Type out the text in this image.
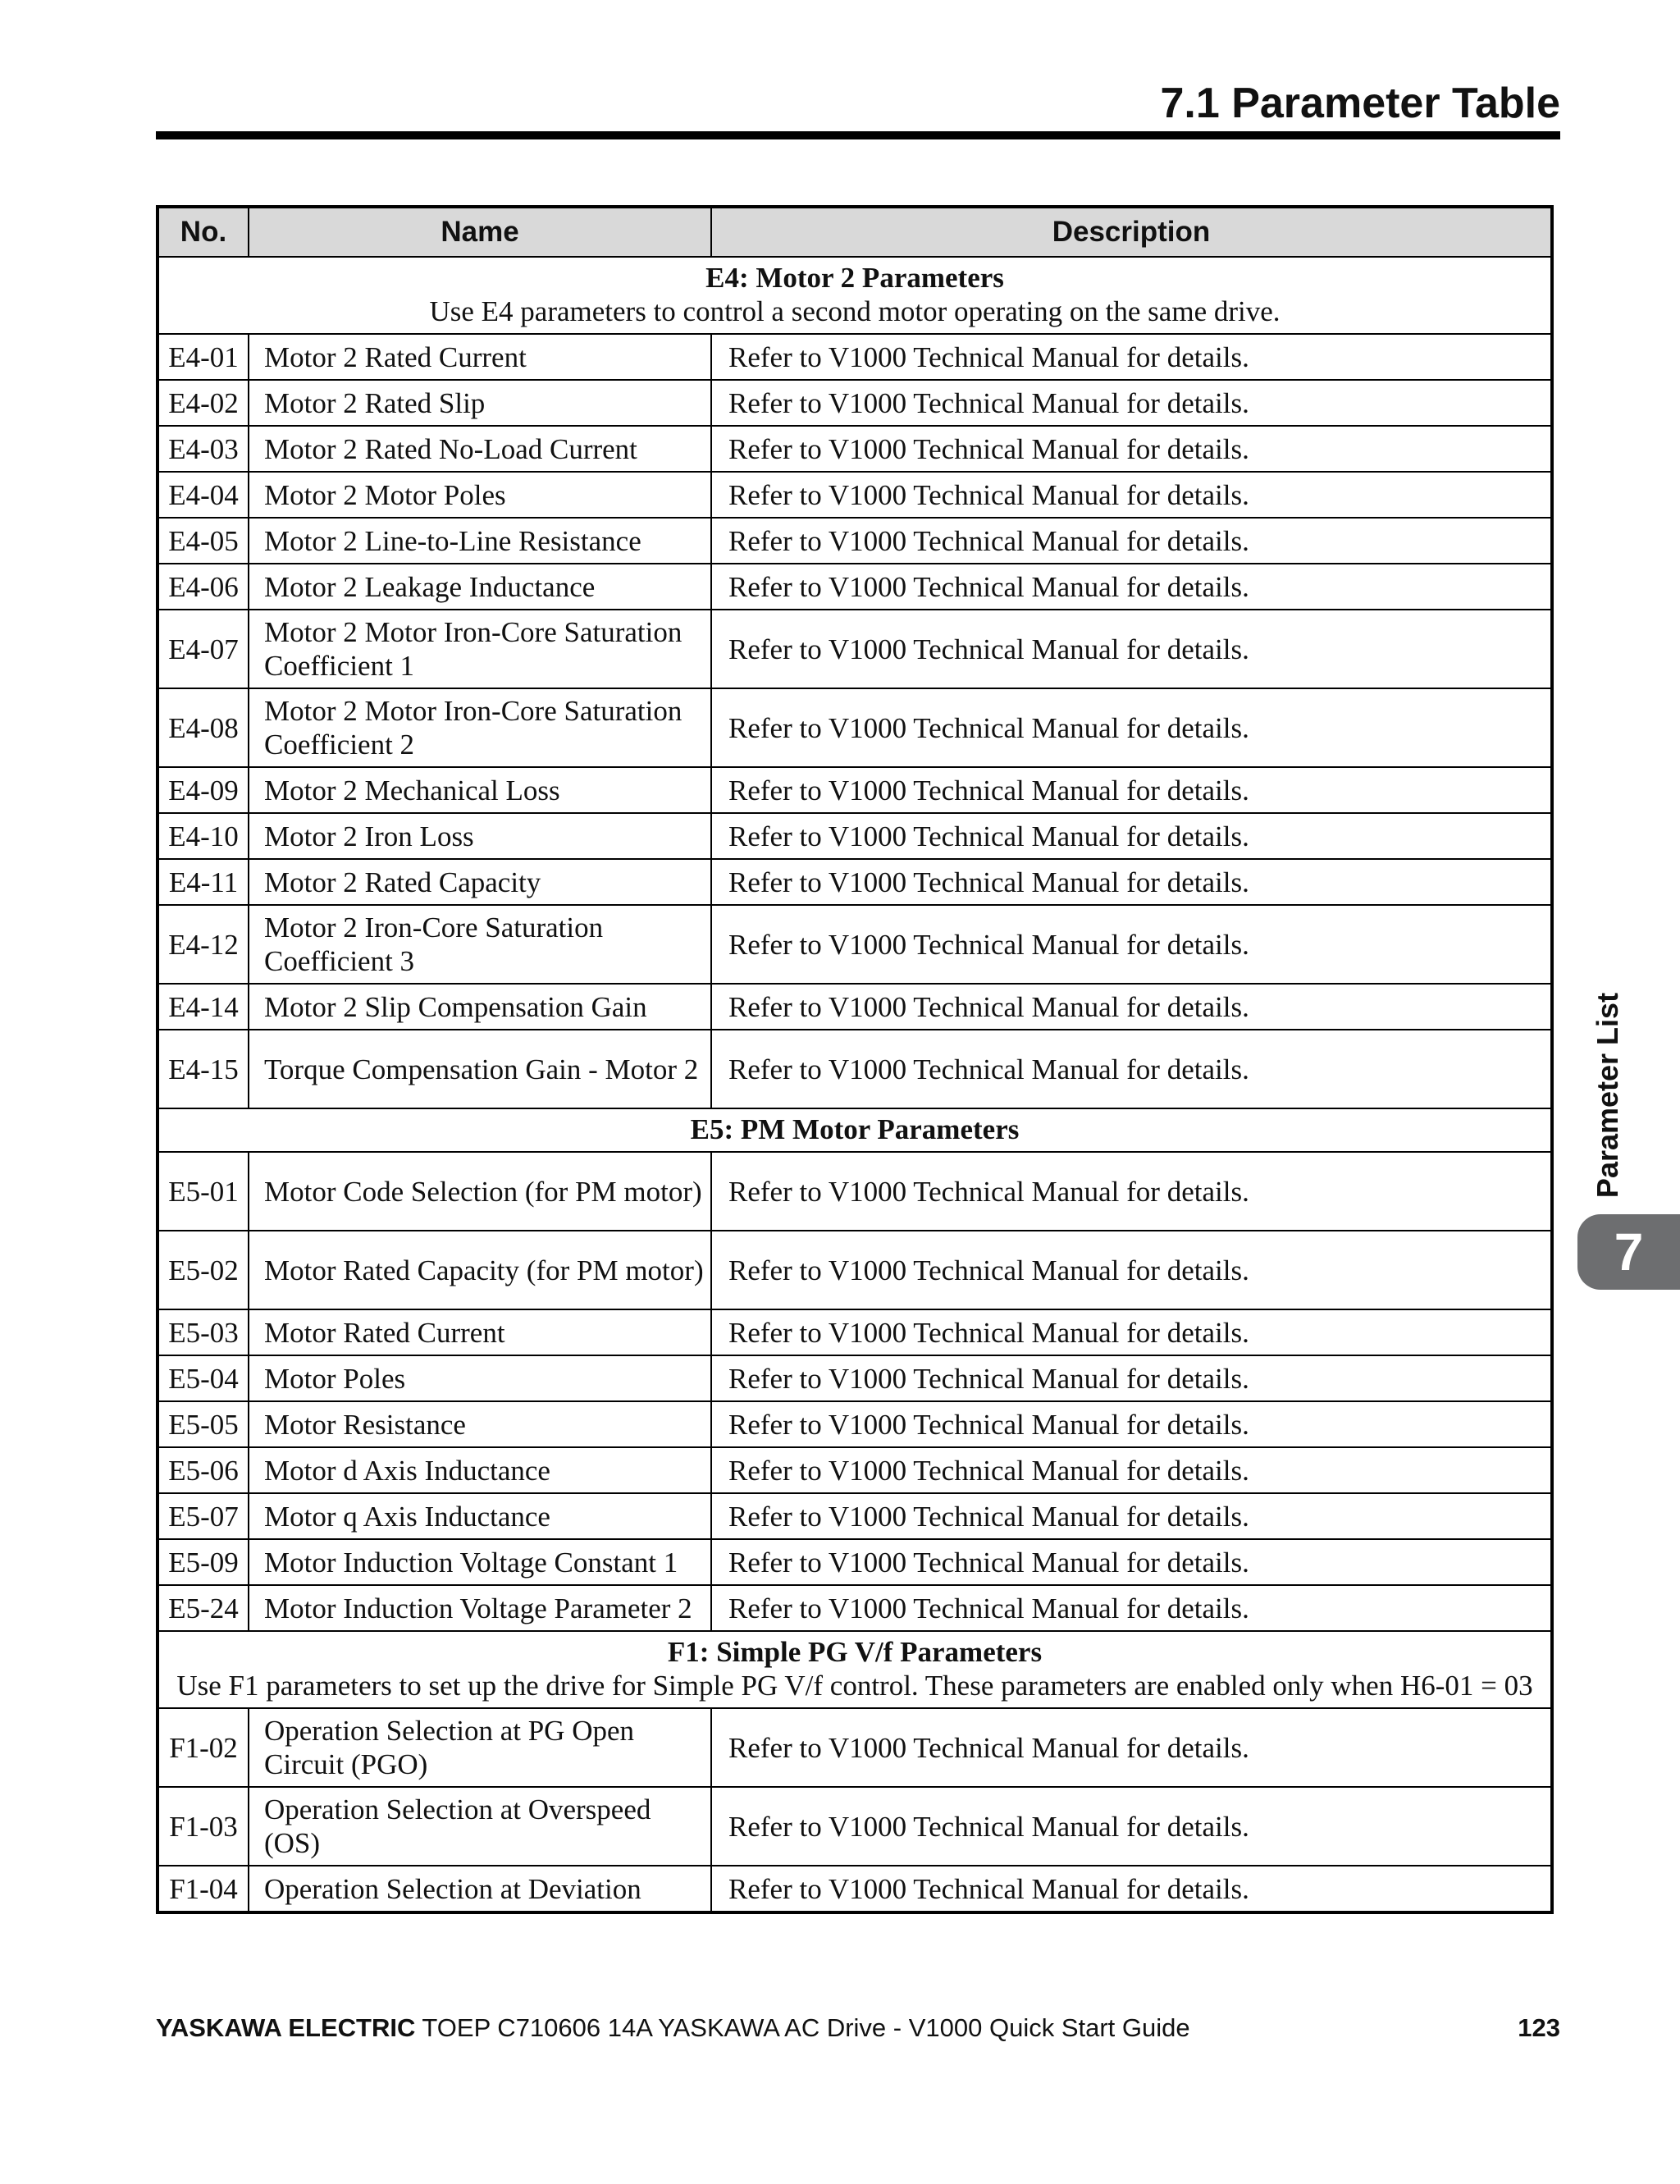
7.1 Parameter Table
No.	Name	Description

E4: Motor 2 Parameters
Use E4 parameters to control a second motor operating on the same drive.		

E4-01	Motor 2 Rated Current	Refer to V1000 Technical Manual for details.
E4-02	Motor 2 Rated Slip	Refer to V1000 Technical Manual for details.
E4-03	Motor 2 Rated No-Load Current	Refer to V1000 Technical Manual for details.
E4-04	Motor 2 Motor Poles	Refer to V1000 Technical Manual for details.
E4-05	Motor 2 Line-to-Line Resistance	Refer to V1000 Technical Manual for details.
E4-06	Motor 2 Leakage Inductance	Refer to V1000 Technical Manual for details.
E4-07	Motor 2 Motor Iron-Core Saturation Coefficient 1	Refer to V1000 Technical Manual for details.
E4-08	Motor 2 Motor Iron-Core Saturation Coefficient 2	Refer to V1000 Technical Manual for details.
E4-09	Motor 2 Mechanical Loss	Refer to V1000 Technical Manual for details.
E4-10	Motor 2 Iron Loss	Refer to V1000 Technical Manual for details.
E4-11	Motor 2 Rated Capacity	Refer to V1000 Technical Manual for details.
E4-12	Motor 2 Iron-Core Saturation Coefficient 3	Refer to V1000 Technical Manual for details.
E4-14	Motor 2 Slip Compensation Gain	Refer to V1000 Technical Manual for details.
E4-15	Torque Compensation Gain - Motor 2	Refer to V1000 Technical Manual for details.

E5: PM Motor Parameters		

E5-01	Motor Code Selection (for PM motor)	Refer to V1000 Technical Manual for details.
E5-02	Motor Rated Capacity (for PM motor)	Refer to V1000 Technical Manual for details.
E5-03	Motor Rated Current	Refer to V1000 Technical Manual for details.
E5-04	Motor Poles	Refer to V1000 Technical Manual for details.
E5-05	Motor Resistance	Refer to V1000 Technical Manual for details.
E5-06	Motor d Axis Inductance	Refer to V1000 Technical Manual for details.
E5-07	Motor q Axis Inductance	Refer to V1000 Technical Manual for details.
E5-09	Motor Induction Voltage Constant 1	Refer to V1000 Technical Manual for details.
E5-24	Motor Induction Voltage Parameter 2	Refer to V1000 Technical Manual for details.

F1: Simple PG V/f Parameters
Use F1 parameters to set up the drive for Simple PG V/f control. These parameters are enabled only when H6-01 = 03		

F1-02	Operation Selection at PG Open Circuit (PGO)	Refer to V1000 Technical Manual for details.
F1-03	Operation Selection at Overspeed (OS)	Refer to V1000 Technical Manual for details.
F1-04	Operation Selection at Deviation	Refer to V1000 Technical Manual for details.
Parameter List
7
YASKAWA ELECTRIC TOEP C710606 14A YASKAWA AC Drive - V1000 Quick Start Guide	123
